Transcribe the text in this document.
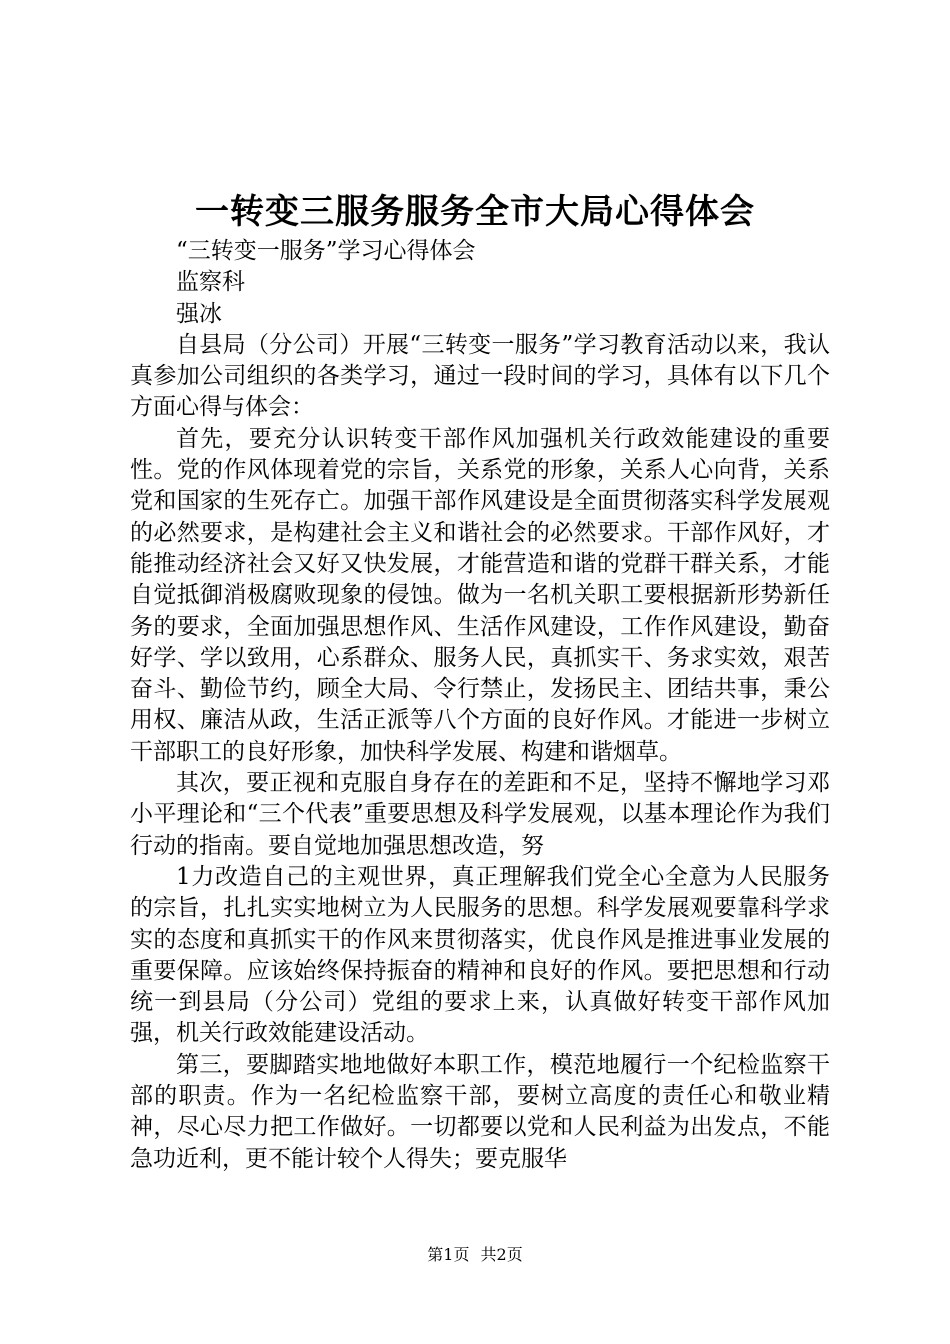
一转变三服务服务全市大局心得体会

“三转变一服务”学习心得体会

监察科

强冰

自县局（分公司）开展“三转变一服务”学习教育活动以来，我认真参加公司组织的各类学习，通过一段时间的学习，具体有以下几个方面心得与体会：

首先，要充分认识转变干部作风加强机关行政效能建设的重要性。党的作风体现着党的宗旨，关系党的形象，关系人心向背，关系党和国家的生死存亡。加强干部作风建设是全面贯彻落实科学发展观的必然要求，是构建社会主义和谐社会的必然要求。干部作风好，才能推动经济社会又好又快发展，才能营造和谐的党群干群关系，才能自觉抵御消极腐败现象的侵蚀。做为一名机关职工要根据新形势新任务的要求，全面加强思想作风、生活作风建设，工作作风建设，勤奋好学、学以致用，心系群众、服务人民，真抓实干、务求实效，艰苦奋斗、勤俭节约，顾全大局、令行禁止，发扬民主、团结共事，秉公用权、廉洁从政，生活正派等八个方面的良好作风。才能进一步树立干部职工的良好形象，加快科学发展、构建和谐烟草。

其次，要正视和克服自身存在的差距和不足，坚持不懈地学习邓小平理论和“三个代表”重要思想及科学发展观，以基本理论作为我们行动的指南。要自觉地加强思想改造，努

1力改造自己的主观世界，真正理解我们党全心全意为人民服务的宗旨，扎扎实实地树立为人民服务的思想。科学发展观要靠科学求实的态度和真抓实干的作风来贯彻落实，优良作风是推进事业发展的重要保障。应该始终保持振奋的精神和良好的作风。要把思想和行动统一到县局（分公司）党组的要求上来，认真做好转变干部作风加强，机关行政效能建设活动。

第三，要脚踏实地地做好本职工作，模范地履行一个纪检监察干部的职责。作为一名纪检监察干部，要树立高度的责任心和敬业精神，尽心尽力把工作做好。一切都要以党和人民利益为出发点，不能急功近利，更不能计较个人得失；要克服华

第1页 共2页
